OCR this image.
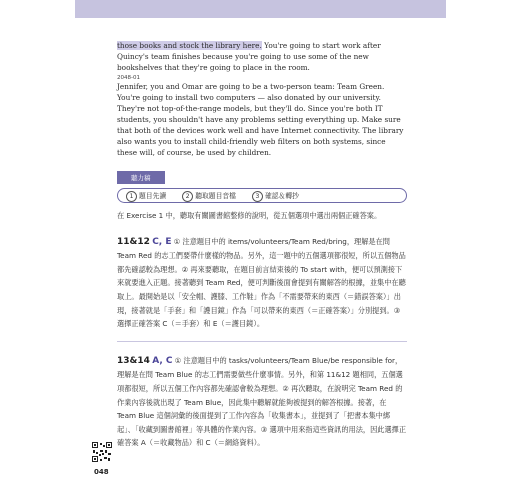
those books and stock the library here. You're going to start work after Quincy's team finishes because you're going to use some of the new bookshelves that they're going to place in the room.

2048-01

Jennifer, you and Omar are going to be a two-person team: Team Green. You're going to install two computers — also donated by our university. They're not top-of-the-range models, but they'll do. Since you're both IT students, you shouldn't have any problems setting everything up. Make sure that both of the devices work well and have Internet connectivity. The library also wants you to install child-friendly web filters on both systems, since these will, of course, be used by children.

聽力稿
1 題目先讀	2 聽取題目音檔	3 確認＆轉抄

在 Exercise 1 中，聽取有關圖書館整修的說明，從五個選項中選出兩個正確答案。

11&12 C, E ① 注意題目中的 items/volunteers/Team Red/bring，理解是在問 Team Red 的志工們要帶什麼樣的物品。另外，這一題中的五個選項都很短，所以五個物品都先確認較為理想。② 再來要聽取，在題目前言結束後的 To start with，便可以預測接下來就要進入正題。接著聽到 Team Red，便可判斷後面會提到有關解答的根據，並集中在聽取上。最開始是以「安全帽、護膝、工作鞋」作為「不需要帶來的東西（＝錯誤答案）」出現，接著就是「手套」和「護目鏡」作為「可以帶來的東西（＝正確答案）」分別提到。③ 選擇正確答案 C（＝手套）和 E（＝護目鏡）。

13&14 A, C ① 注意題目中的 tasks/volunteers/Team Blue/be responsible for，理解是在問 Team Blue 的志工們需要做些什麼事情。另外，和第 11&12 題相同，五個選項都很短，所以五個工作內容都先確認會較為理想。② 再次聽取，在說明完 Team Red 的作業內容後就出現了 Team Blue，因此集中聽解就能夠被提到的解答根據。接著，在 Team Blue 這個詞彙的後面提到了工作內容為「收集書本」，並提到了「把書本集中綁起」、「收藏到圖書館裡」等具體的作業內容。③ 選項中用來指這些資訊的用法，因此選擇正確答案 A（＝收藏物品）和 C（＝網絡資料）。

048
